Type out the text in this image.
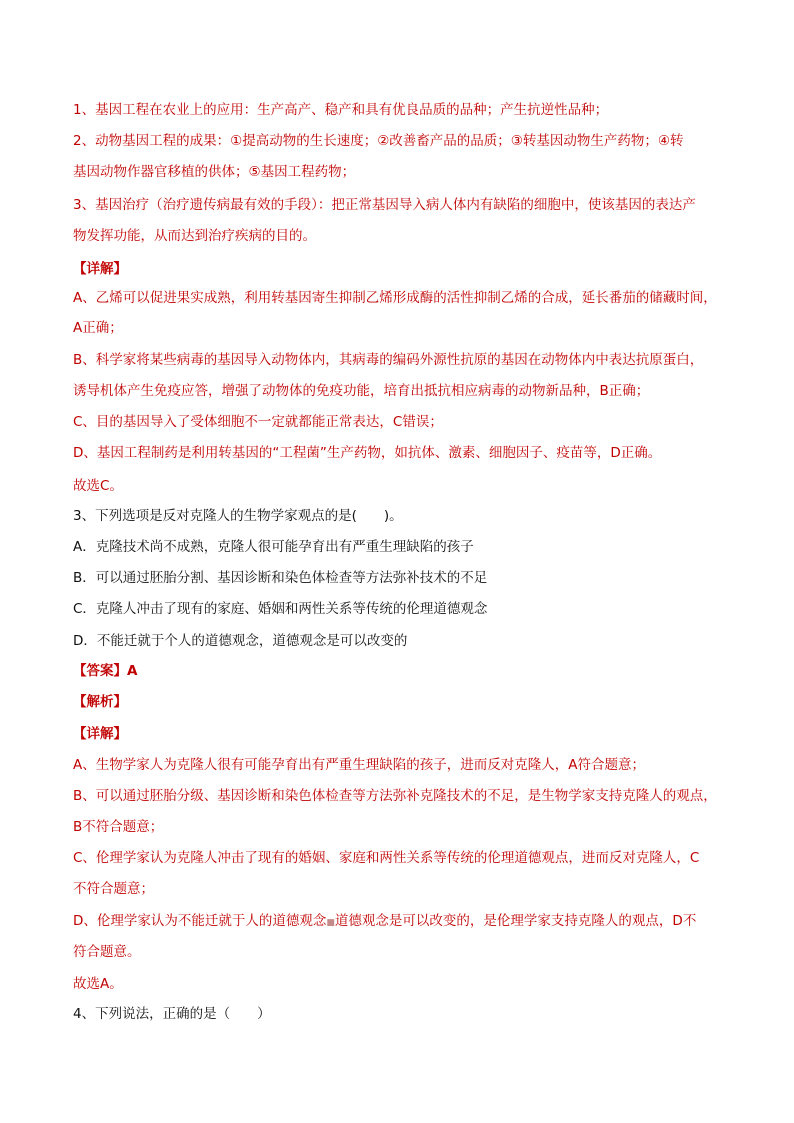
1、基因工程在农业上的应用：生产高产、稳产和具有优良品质的品种；产生抗逆性品种；
2、动物基因工程的成果：①提高动物的生长速度；②改善畜产品的品质；③转基因动物生产药物；④转
基因动物作器官移植的供体；⑤基因工程药物；
3、基因治疗（治疗遗传病最有效的手段）：把正常基因导入病人体内有缺陷的细胞中，使该基因的表达产
物发挥功能，从而达到治疗疾病的目的。
【详解】
A、乙烯可以促进果实成熟，利用转基因寄生抑制乙烯形成酶的活性抑制乙烯的合成，延长番茄的储藏时间，
A正确；
B、科学家将某些病毒的基因导入动物体内，其病毒的编码外源性抗原的基因在动物体内中表达抗原蛋白，
诱导机体产生免疫应答，增强了动物体的免疫功能，培育出抵抗相应病毒的动物新品种，B正确；
C、目的基因导入了受体细胞不一定就都能正常表达，C错误；
D、基因工程制药是利用转基因的“工程菌”生产药物，如抗体、激素、细胞因子、疫苗等，D正确。
故选C。
3、下列选项是反对克隆人的生物学家观点的是(　　)。
A．克隆技术尚不成熟，克隆人很可能孕育出有严重生理缺陷的孩子
B．可以通过胚胎分割、基因诊断和染色体检查等方法弥补技术的不足
C．克隆人冲击了现有的家庭、婚姻和两性关系等传统的伦理道德观念
D．不能迁就于个人的道德观念，道德观念是可以改变的
【答案】A
【解析】
【详解】
A、生物学家人为克隆人很有可能孕育出有严重生理缺陷的孩子，进而反对克隆人，A符合题意；
B、可以通过胚胎分级、基因诊断和染色体检查等方法弥补克隆技术的不足，是生物学家支持克隆人的观点，
B不符合题意；
C、伦理学家认为克隆人冲击了现有的婚姻、家庭和两性关系等传统的伦理道德观点，进而反对克隆人，C
不符合题意；
D、伦理学家认为不能迁就于人的道德观念■道德观念是可以改变的，是伦理学家支持克隆人的观点，D不
符合题意。
故选A。
4、下列说法，正确的是（　　）
